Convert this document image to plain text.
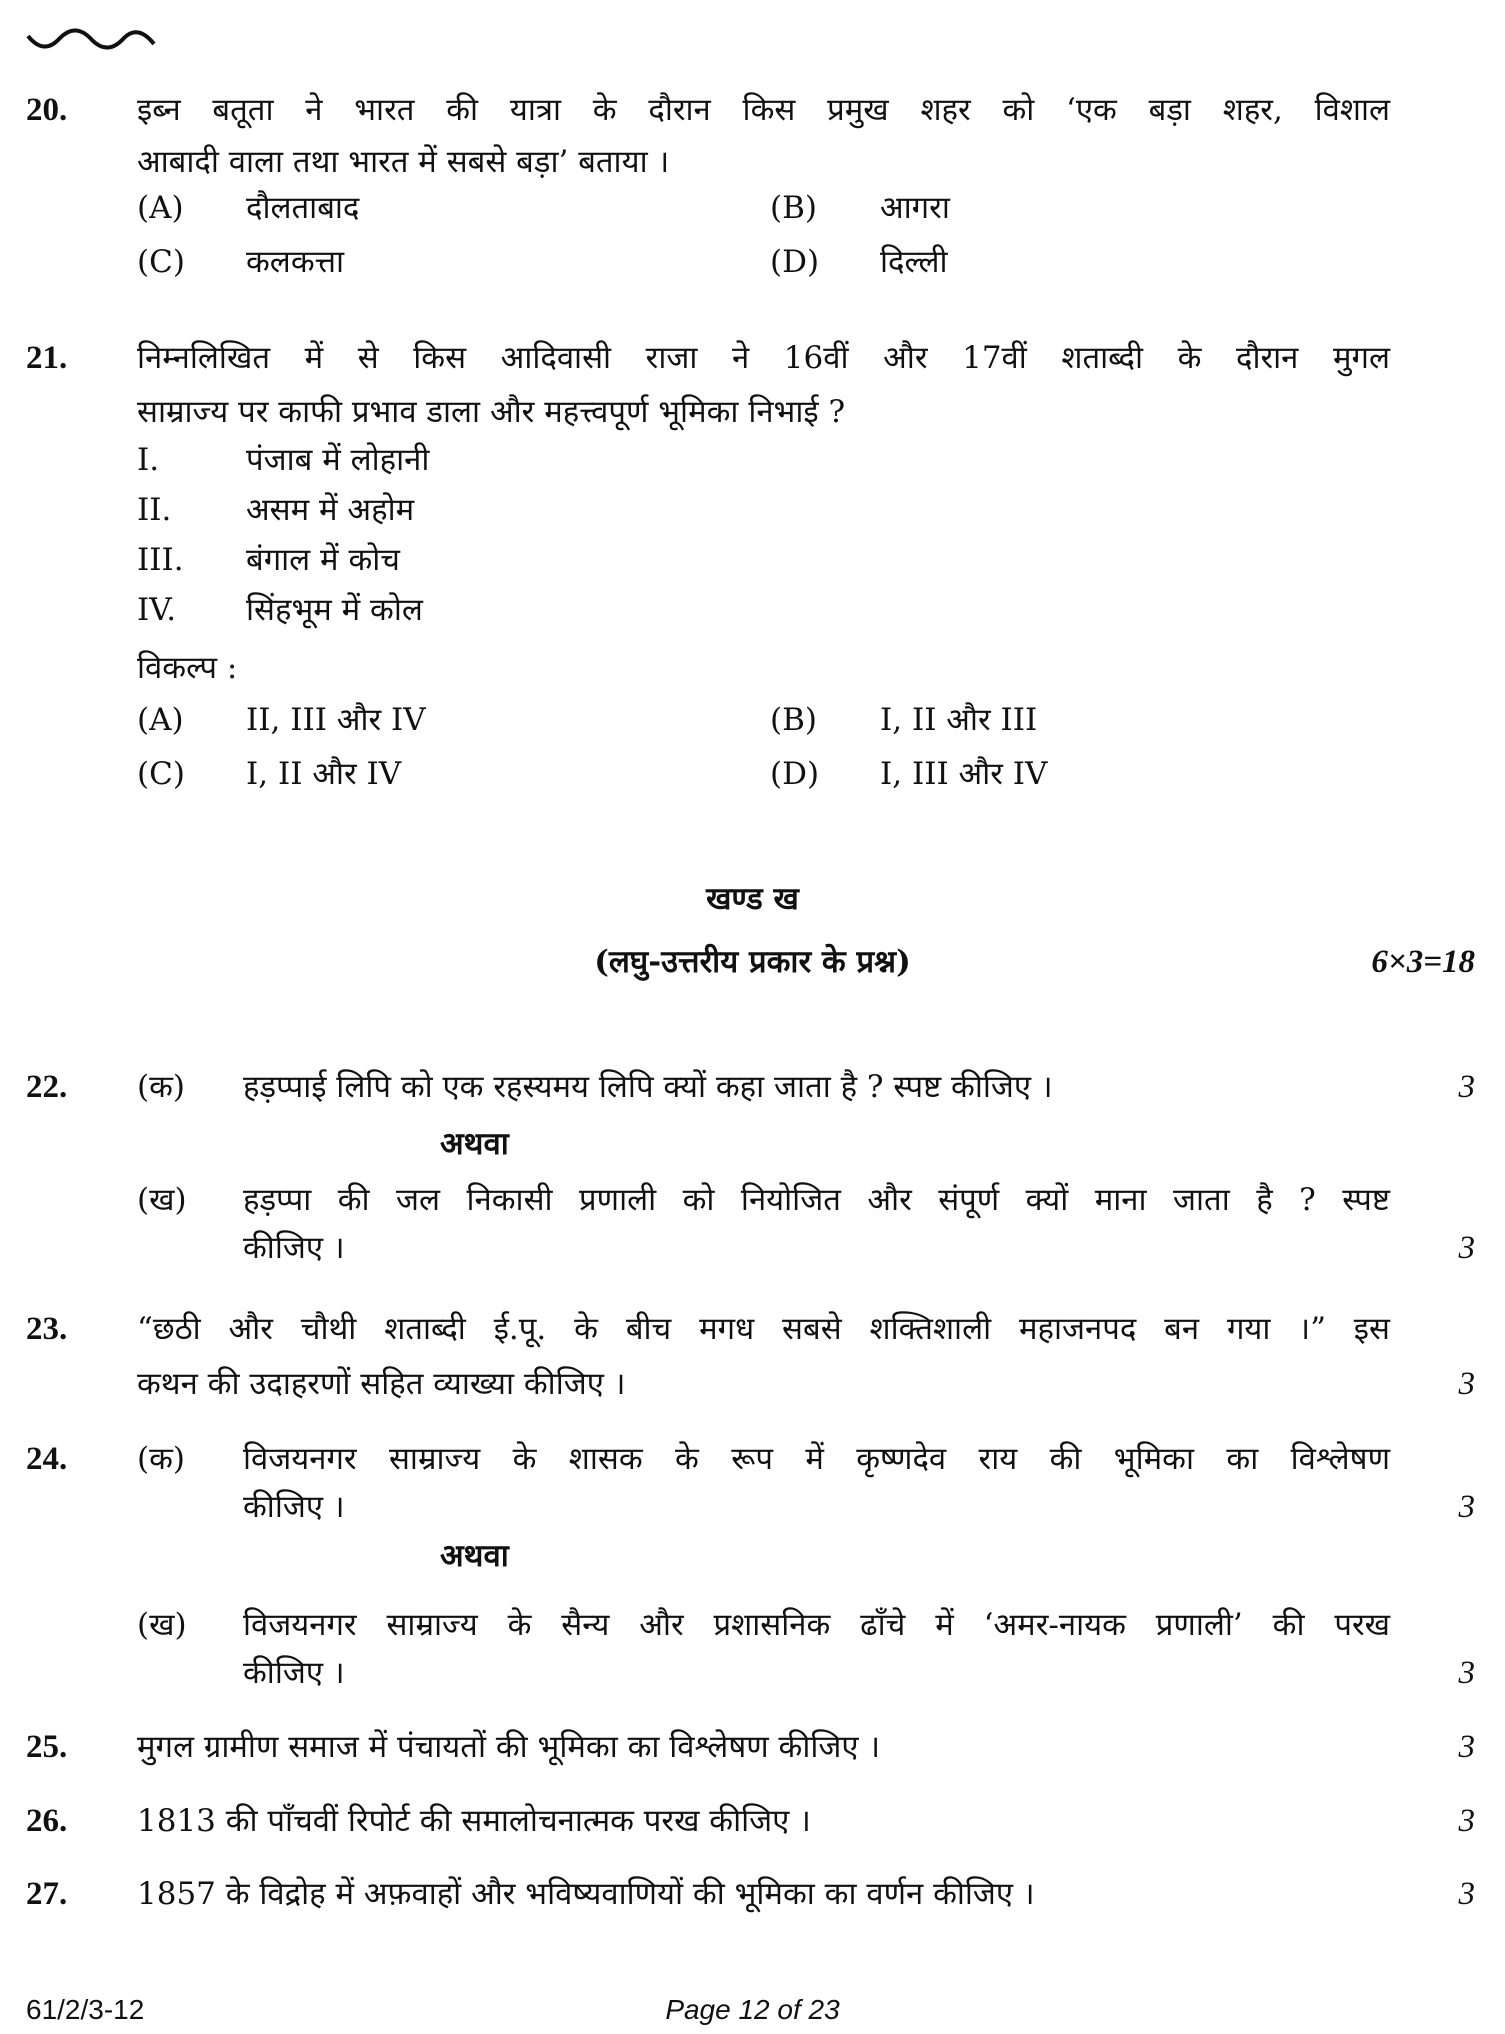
20. इब्न बतूता ने भारत की यात्रा के दौरान किस प्रमुख शहर को ‘एक बड़ा शहर, विशाल
आबादी वाला तथा भारत में सबसे बड़ा’ बताया ।
(A) दौलताबाद	(B) आगरा
(C) कलकत्ता	(D) दिल्ली
21. निम्नलिखित में से किस आदिवासी राजा ने 16वीं और 17वीं शताब्दी के दौरान मुगल
साम्राज्य पर काफी प्रभाव डाला और महत्त्वपूर्ण भूमिका निभाई ?
I.	पंजाब में लोहानी
II. असम में अहोम
III. बंगाल में कोच
IV. सिंहभूम में कोल
विकल्प :
(A) II, III और IV	(B) I, II और III
(C) I, II और IV	(D) I, III और IV
खण्ड ख
(लघु-उत्तरीय प्रकार के प्रश्न)	6×3=18
22. (क) हड़प्पाई लिपि को एक रहस्यमय लिपि क्यों कहा जाता है ? स्पष्ट कीजिए ।	3
अथवा
(ख) हड़प्पा की जल निकासी प्रणाली को नियोजित और संपूर्ण क्यों माना जाता है ? स्पष्ट
कीजिए ।	3
23. “छठी और चौथी शताब्दी ई.पू. के बीच मगध सबसे शक्तिशाली महाजनपद बन गया ।” इस
कथन की उदाहरणों सहित व्याख्या कीजिए ।	3
24. (क) विजयनगर साम्राज्य के शासक के रूप में कृष्णदेव राय की भूमिका का विश्लेषण
कीजिए ।	3
अथवा
(ख) विजयनगर साम्राज्य के सैन्य और प्रशासनिक ढाँचे में ‘अमर-नायक प्रणाली’ की परख
कीजिए ।	3
25. मुगल ग्रामीण समाज में पंचायतों की भूमिका का विश्लेषण कीजिए ।	3
26. 1813 की पाँचवीं रिपोर्ट की समालोचनात्मक परख कीजिए ।	3
27. 1857 के विद्रोह में अफ़वाहों और भविष्यवाणियों की भूमिका का वर्णन कीजिए ।	3
61/2/3-12	Page 12 of 23
